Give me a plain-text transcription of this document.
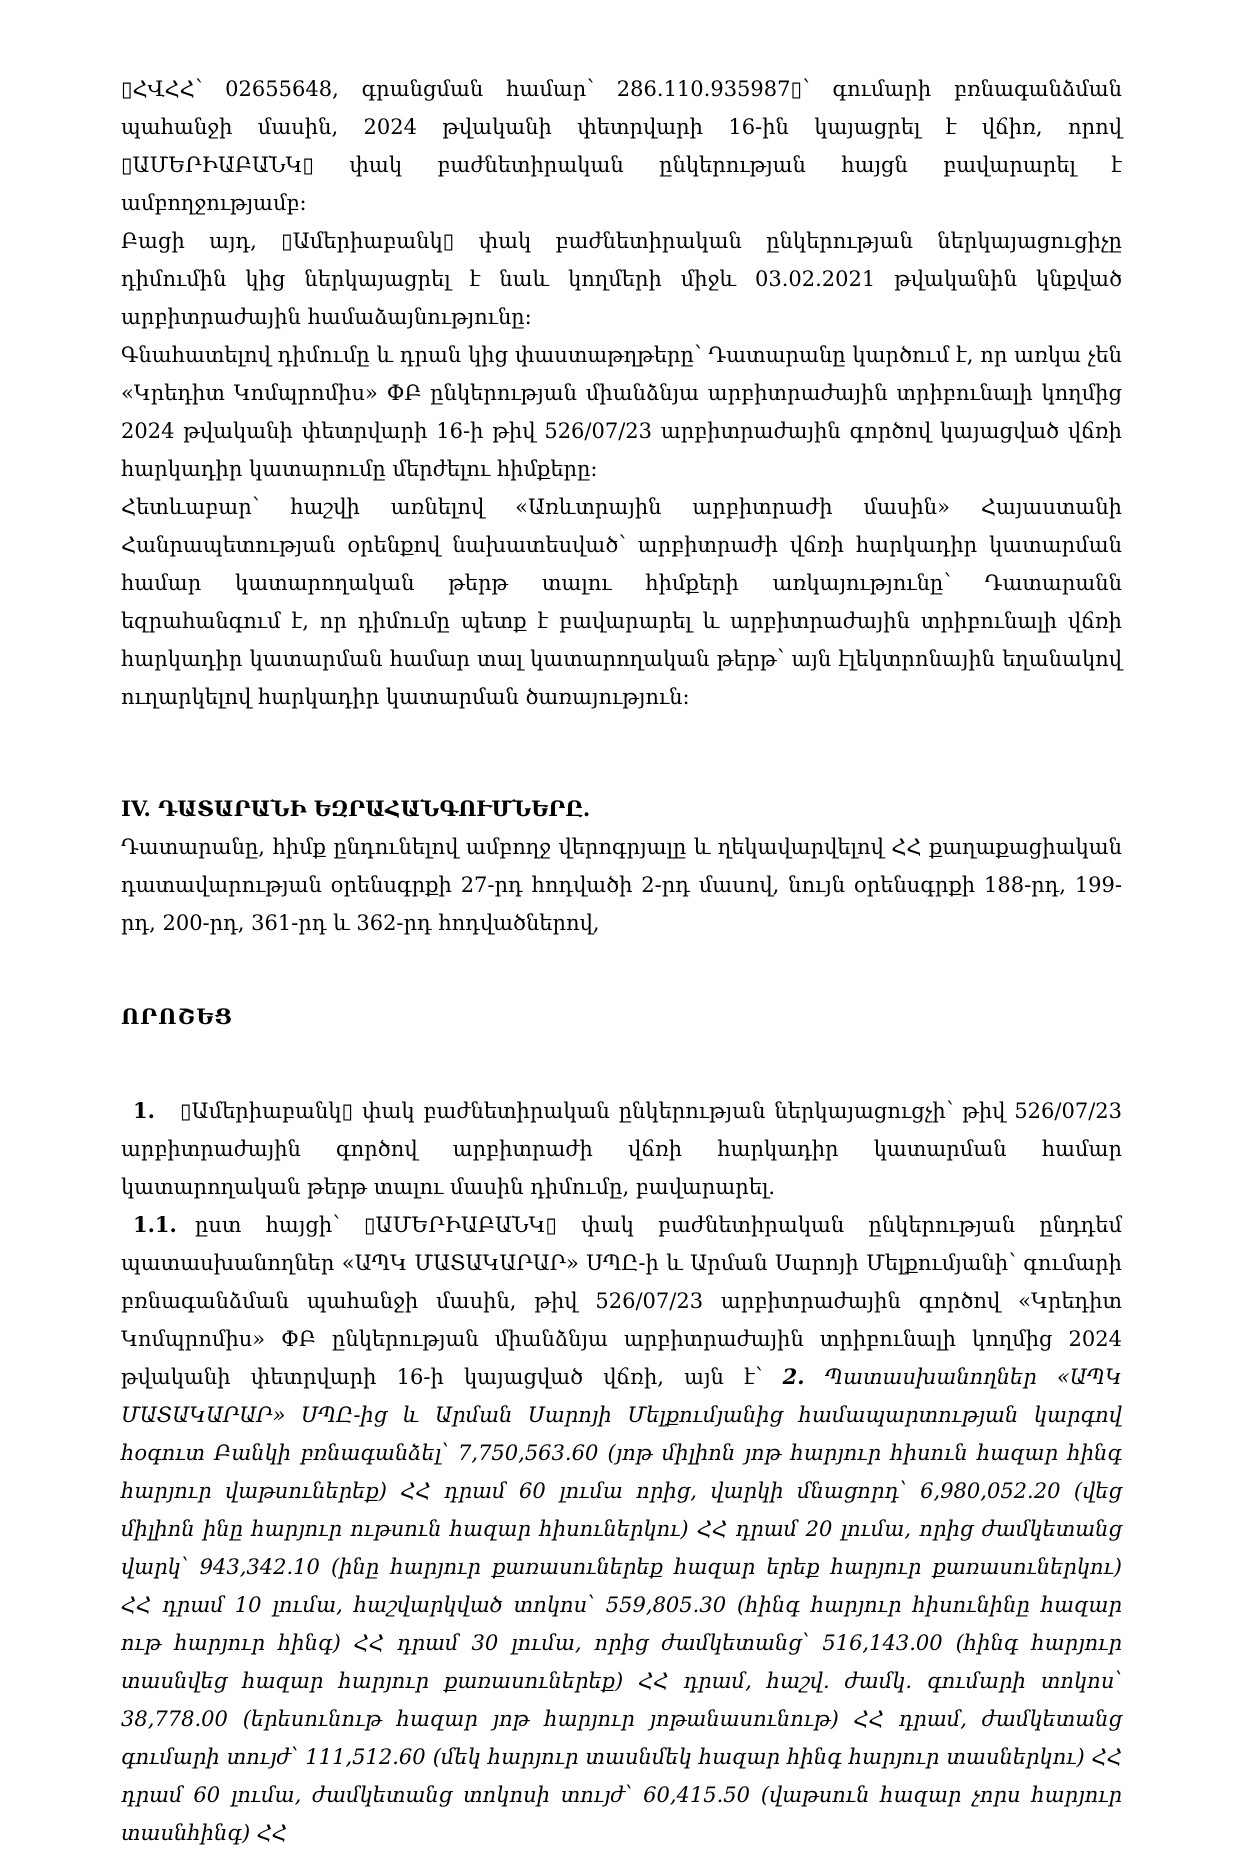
▯ՀՎՀՀ՝ 02655648, գրանցման համար՝ 286.110.935987▯՝ գումարի բռնագանձման պահանջի մասին, 2024 թվականի փետրվարի 16-ին կայացրել է վճիռ, որով ▯ԱՄԵՐԻԱԲԱՆԿ▯ փակ բաժնետիրական ընկերության հայցն բավարարել է ամբողջությամբ:

Բացի այդ, ▯Ամերիաբանկ▯ փակ բաժնետիրական ընկերության ներկայացուցիչը դիմումին կից ներկայացրել է նաև կողմերի միջև 03.02.2021 թվականին կնքված արբիտրաժային համաձայնությունը:

Գնահատելով դիմումը և դրան կից փաստաթղթերը՝ Դատարանը կարծում է, որ առկա չեն «Կրեդիտ Կոմպրոմիս» ՓԲ ընկերության միանձնյա արբիտրաժային տրիբունալի կողմից 2024 թվականի փետրվարի 16-ի թիվ 526/07/23 արբիտրաժային գործով կայացված վճռի հարկադիր կատարումը մերժելու հիմքերը:

Հետևաբար՝ հաշվի առնելով «Առևտրային արբիտրաժի մասին» Հայաստանի Հանրապետության օրենքով նախատեսված՝ արբիտրաժի վճռի հարկադիր կատարման համար կատարողական թերթ տալու հիմքերի առկայությունը՝ Դատարանն եզրահանգում է, որ դիմումը պետք է բավարարել և արբիտրաժային տրիբունալի վճռի հարկադիր կատարման համար տալ կատարողական թերթ՝ այն էլեկտրոնային եղանակով ուղարկելով հարկադիր կատարման ծառայություն:

IV. ԴԱՏԱՐԱՆԻ ԵԶՐԱՀԱՆԳՈՒՄՆԵՐԸ.

Դատարանը, հիմք ընդունելով ամբողջ վերոգրյալը և ղեկավարվելով ՀՀ քաղաքացիական դատավարության օրենսգրքի 27-րդ հոդվածի 2-րդ մասով, նույն օրենսգրքի 188-րդ, 199-րդ, 200-րդ, 361-րդ և 362-րդ հոդվածներով,

ՈՐՈՇԵՑ

1. ▯Ամերիաբանկ▯ փակ բաժնետիրական ընկերության ներկայացուցչի՝ թիվ 526/07/23 արբիտրաժային գործով արբիտրաժի վճռի հարկադիր կատարման համար կատարողական թերթ տալու մասին դիմումը, բավարարել.

1.1. ըստ հայցի՝ ▯ԱՄԵՐԻԱԲԱՆԿ▯ փակ բաժնետիրական ընկերության ընդդեմ պատասխանողներ «ԱՊԿ ՄԱՏԱԿԱՐԱՐ» ՍՊԸ-ի և Արման Սարոյի Մելքումյանի՝ գումարի բռնագանձման պահանջի մասին, թիվ 526/07/23 արբիտրաժային գործով «Կրեդիտ Կոմպրոմիս» ՓԲ ընկերության միանձնյա արբիտրաժային տրիբունալի կողմից 2024 թվականի փետրվարի 16-ի կայացված վճռի, այն է՝ 2. Պատասխանողներ «ԱՊԿ ՄԱՏԱԿԱՐԱՐ» ՍՊԸ-ից և Արման Սարոյի Մելքումյանից համապարտության կարգով հօգուտ Բանկի բռնագանձել՝ 7,750,563.60 (յոթ միլիոն յոթ հարյուր հիսուն հազար հինգ հարյուր վաթսուներեք) ՀՀ դրամ 60 լումա որից, վարկի մնացորդ՝ 6,980,052.20 (վեց միլիոն ինը հարյուր ութսուն հազար հիսուներկու) ՀՀ դրամ 20 լումա, որից ժամկետանց վարկ՝ 943,342.10 (ինը հարյուր քառասուներեք հազար երեք հարյուր քառասուներկու) ՀՀ դրամ 10 լումա, հաշվարկված տոկոս՝ 559,805.30 (հինգ հարյուր հիսունինը հազար ութ հարյուր հինգ) ՀՀ դրամ 30 լումա, որից ժամկետանց՝ 516,143.00 (հինգ հարյուր տասնվեց հազար հարյուր քառասուներեք) ՀՀ դրամ, հաշվ. ժամկ. գումարի տոկոս՝ 38,778.00 (երեսունութ հազար յոթ հարյուր յոթանասունութ) ՀՀ դրամ, ժամկետանց գումարի տույժ՝ 111,512.60 (մեկ հարյուր տասնմեկ հազար հինգ հարյուր տասներկու) ՀՀ դրամ 60 լումա, ժամկետանց տոկոսի տույժ՝ 60,415.50 (վաթսուն հազար չորս հարյուր տասնհինգ) ՀՀ
